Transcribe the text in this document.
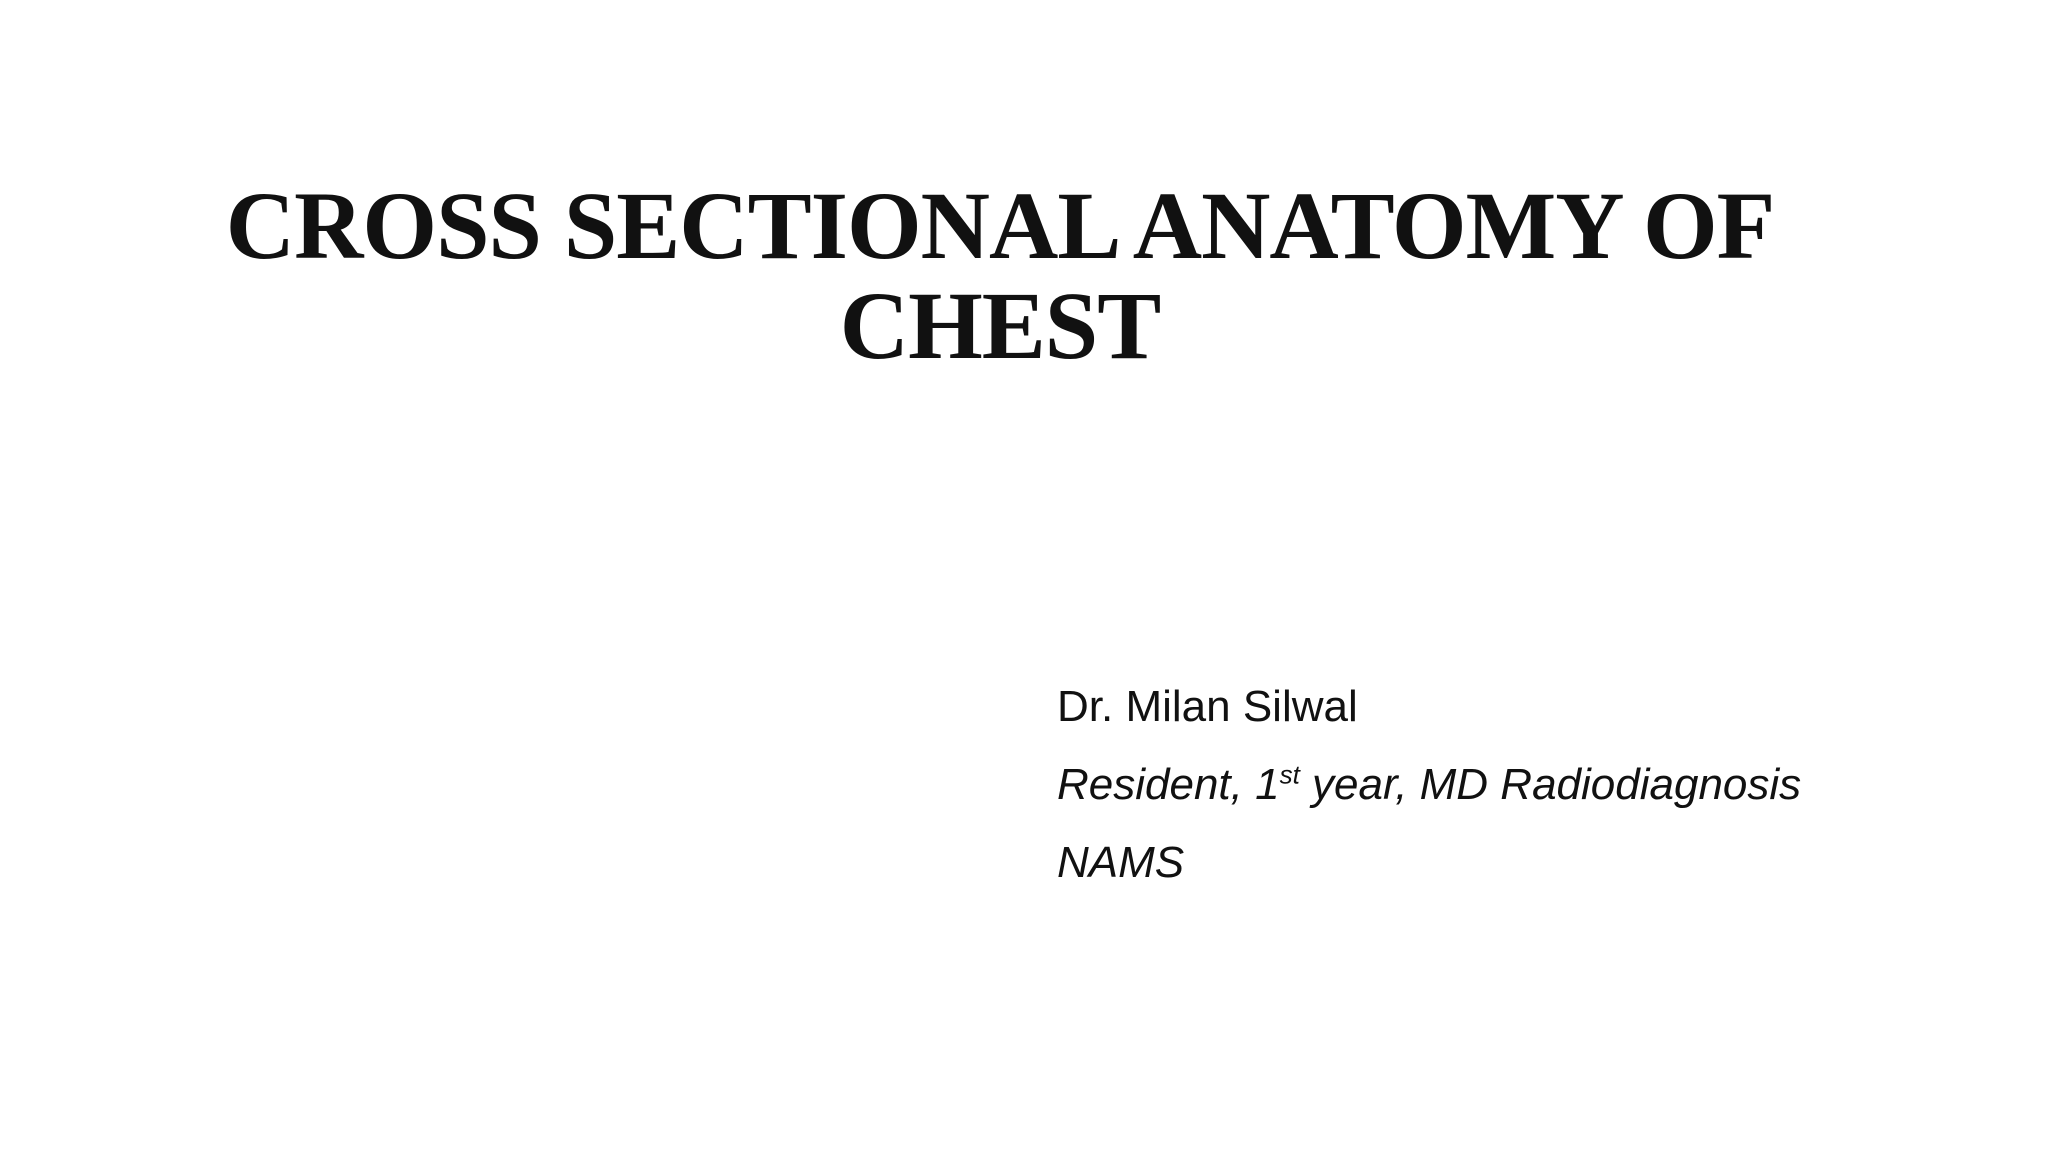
CROSS SECTIONAL ANATOMY OF
CHEST
Dr. Milan Silwal
Resident, 1st year, MD Radiodiagnosis
NAMS
